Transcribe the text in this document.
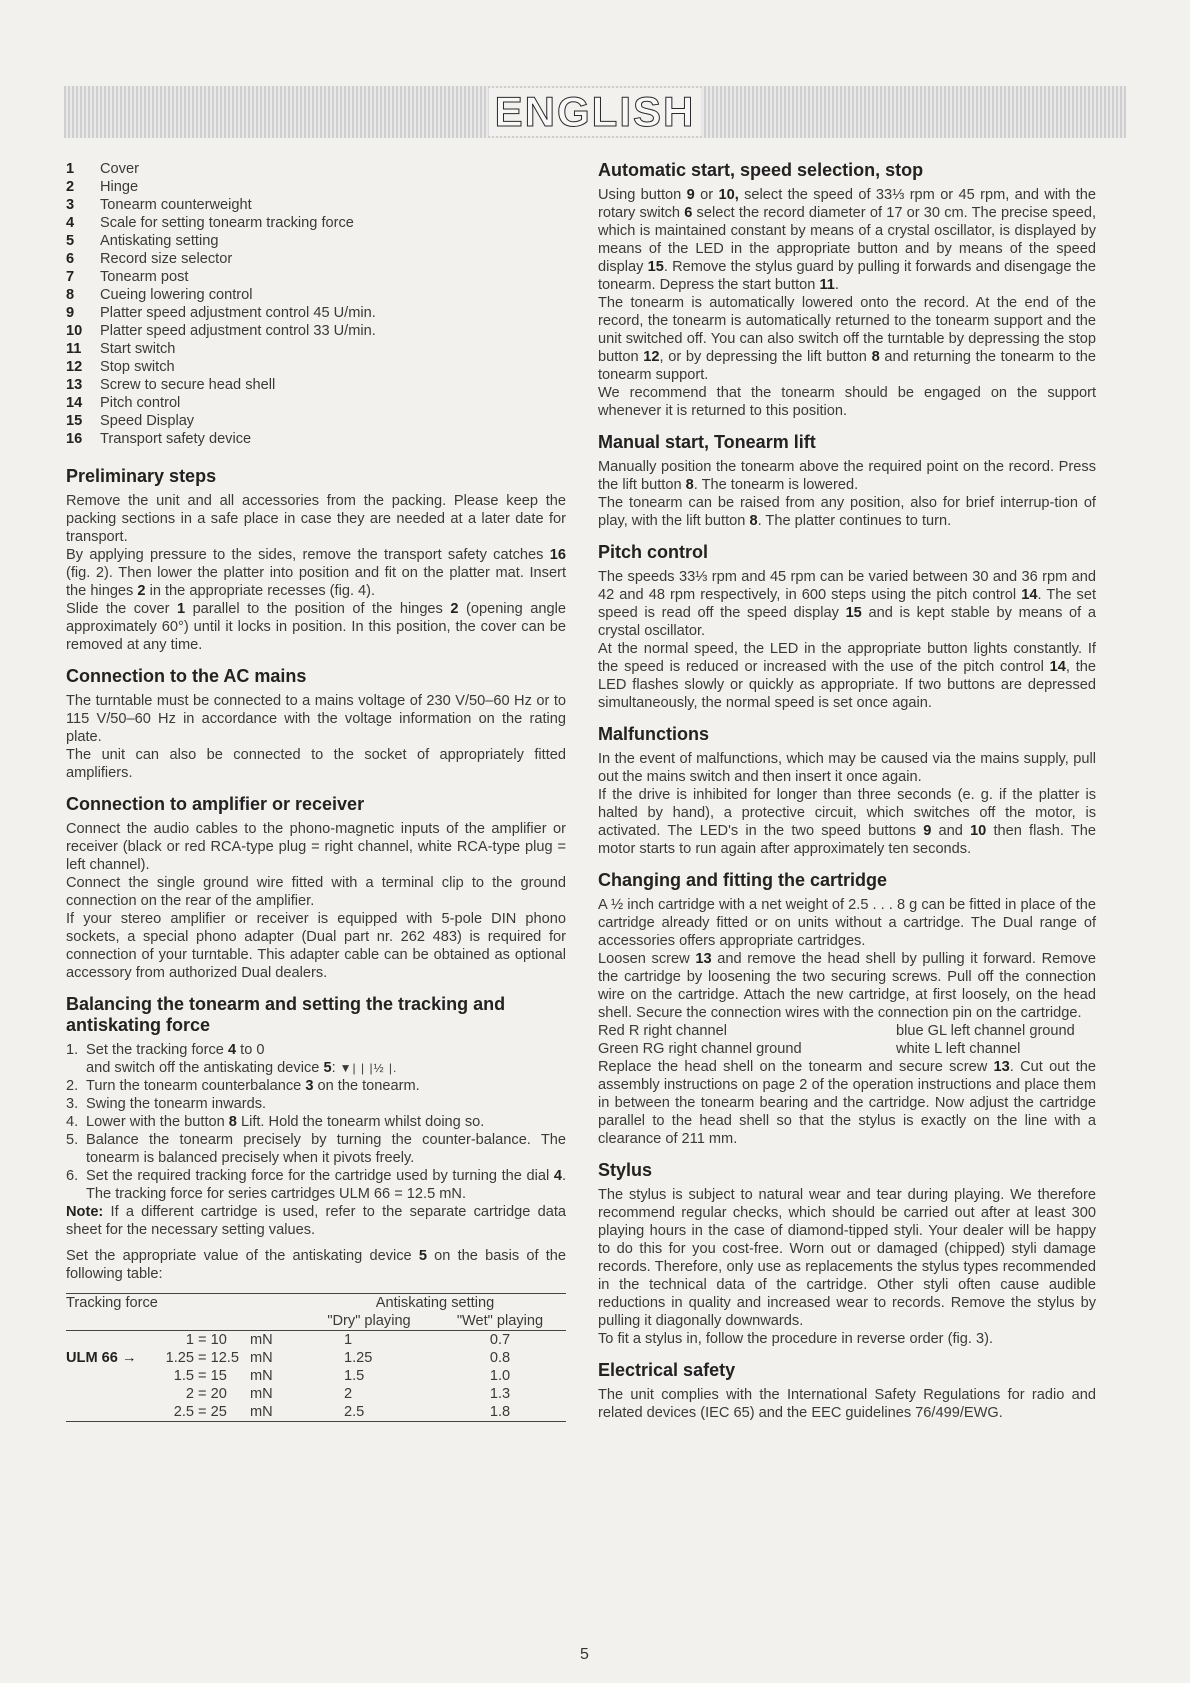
ENGLISH
1	Cover
2	Hinge
3	Tonearm counterweight
4	Scale for setting tonearm tracking force
5	Antiskating setting
6	Record size selector
7	Tonearm post
8	Cueing lowering control
9	Platter speed adjustment control 45 U/min.
10	Platter speed adjustment control 33 U/min.
11	Start switch
12	Stop switch
13	Screw to secure head shell
14	Pitch control
15	Speed Display
16	Transport safety device
Preliminary steps

Remove the unit and all accessories from the packing. Please keep the packing sections in a safe place in case they are needed at a later date for transport.

By applying pressure to the sides, remove the transport safety catches 16 (fig. 2). Then lower the platter into position and fit on the platter mat. Insert the hinges 2 in the appropriate recesses (fig. 4).

Slide the cover 1 parallel to the position of the hinges 2 (opening angle approximately 60°) until it locks in position. In this position, the cover can be removed at any time.

Connection to the AC mains

The turntable must be connected to a mains voltage of 230 V/50–60 Hz or to 115 V/50–60 Hz in accordance with the voltage information on the rating plate.

The unit can also be connected to the socket of appropriately fitted amplifiers.

Connection to amplifier or receiver

Connect the audio cables to the phono-magnetic inputs of the amplifier or receiver (black or red RCA-type plug = right channel, white RCA-type plug = left channel).

Connect the single ground wire fitted with a terminal clip to the ground connection on the rear of the amplifier.

If your stereo amplifier or receiver is equipped with 5-pole DIN phono sockets, a special phono adapter (Dual part nr. 262 483) is required for connection of your turntable. This adapter cable can be obtained as optional accessory from authorized Dual dealers.

Balancing the tonearm and setting the tracking and antiskating force
1. Set the tracking force 4 to 0
and switch off the antiskating device 5: ▼| | |½ |.
2. Turn the tonearm counterbalance 3 on the tonearm.
3. Swing the tonearm inwards.
4. Lower with the button 8 Lift. Hold the tonearm whilst doing so.
5. Balance the tonearm precisely by turning the counter-balance. The tonearm is balanced precisely when it pivots freely.
6. Set the required tracking force for the cartridge used by turning the dial 4. The tracking force for series cartridges ULM 66 = 12.5 mN.

Note: If a different cartridge is used, refer to the separate cartridge data sheet for the necessary setting values.

Set the appropriate value of the antiskating device 5 on the basis of the following table:

Tracking force				Antiskating setting	
				"Dry" playing	"Wet" playing
	1	= 10	mN	1	0.7
ULM 66 →	1.25	= 12.5	mN	1.25	0.8
	1.5	= 15	mN	1.5	1.0
	2	= 20	mN	2	1.3
	2.5	= 25	mN	2.5	1.8
Automatic start, speed selection, stop

Using button 9 or 10, select the speed of 33⅓ rpm or 45 rpm, and with the rotary switch 6 select the record diameter of 17 or 30 cm. The precise speed, which is maintained constant by means of a crystal oscillator, is displayed by means of the LED in the appropriate button and by means of the speed display 15. Remove the stylus guard by pulling it forwards and disengage the tonearm. Depress the start button 11.

The tonearm is automatically lowered onto the record. At the end of the record, the tonearm is automatically returned to the tonearm support and the unit switched off. You can also switch off the turntable by depressing the stop button 12, or by depressing the lift button 8 and returning the tonearm to the tonearm support.

We recommend that the tonearm should be engaged on the support whenever it is returned to this position.

Manual start, Tonearm lift

Manually position the tonearm above the required point on the record. Press the lift button 8. The tonearm is lowered.

The tonearm can be raised from any position, also for brief interrup-tion of play, with the lift button 8. The platter continues to turn.

Pitch control

The speeds 33⅓ rpm and 45 rpm can be varied between 30 and 36 rpm and 42 and 48 rpm respectively, in 600 steps using the pitch control 14. The set speed is read off the speed display 15 and is kept stable by means of a crystal oscillator.

At the normal speed, the LED in the appropriate button lights constantly. If the speed is reduced or increased with the use of the pitch control 14, the LED flashes slowly or quickly as appropriate. If two buttons are depressed simultaneously, the normal speed is set once again.

Malfunctions

In the event of malfunctions, which may be caused via the mains supply, pull out the mains switch and then insert it once again.

If the drive is inhibited for longer than three seconds (e. g. if the platter is halted by hand), a protective circuit, which switches off the motor, is activated. The LED's in the two speed buttons 9 and 10 then flash. The motor starts to run again after approximately ten seconds.

Changing and fitting the cartridge

A ½ inch cartridge with a net weight of 2.5 . . . 8 g can be fitted in place of the cartridge already fitted or on units without a cartridge. The Dual range of accessories offers appropriate cartridges.

Loosen screw 13 and remove the head shell by pulling it forward. Remove the cartridge by loosening the two securing screws. Pull off the connection wire on the cartridge. Attach the new cartridge, at first loosely, on the head shell. Secure the connection wires with the connection pin on the cartridge.

Red R right channel	blue GL left channel ground
Green RG right channel ground	white L left channel

Replace the head shell on the tonearm and secure screw 13. Cut out the assembly instructions on page 2 of the operation instructions and place them in between the tonearm bearing and the cartridge. Now adjust the cartridge parallel to the head shell so that the stylus is exactly on the line with a clearance of 211 mm.

Stylus

The stylus is subject to natural wear and tear during playing. We therefore recommend regular checks, which should be carried out after at least 300 playing hours in the case of diamond-tipped styli. Your dealer will be happy to do this for you cost-free. Worn out or damaged (chipped) styli damage records. Therefore, only use as replacements the stylus types recommended in the technical data of the cartridge. Other styli often cause audible reductions in quality and increased wear to records. Remove the stylus by pulling it diagonally downwards.

To fit a stylus in, follow the procedure in reverse order (fig. 3).

Electrical safety

The unit complies with the International Safety Regulations for radio and related devices (IEC 65) and the EEC guidelines 76/499/EWG.

5
